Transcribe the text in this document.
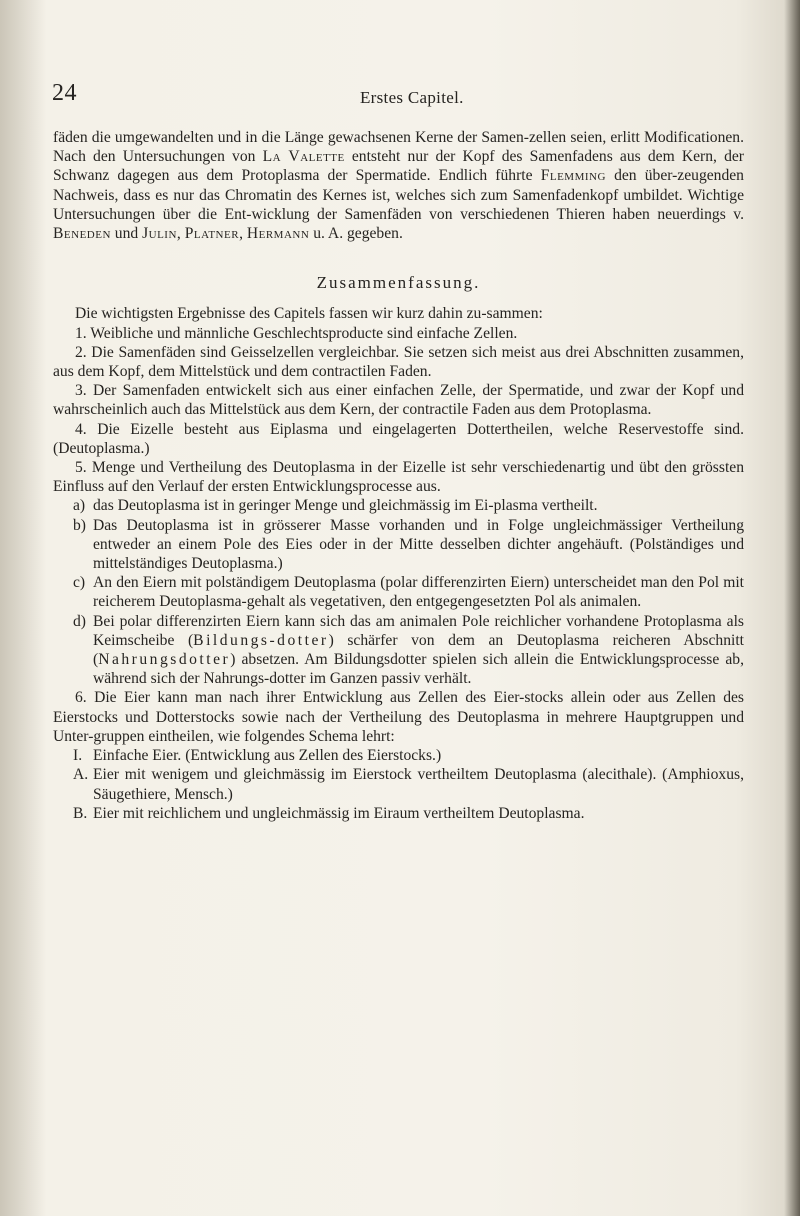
24	Erstes Capitel.

fäden die umgewandelten und in die Länge gewachsenen Kerne der Samen-zellen seien, erlitt Modificationen. Nach den Untersuchungen von La Valette entsteht nur der Kopf des Samenfadens aus dem Kern, der Schwanz dagegen aus dem Protoplasma der Spermatide. Endlich führte Flemming den über-zeugenden Nachweis, dass es nur das Chromatin des Kernes ist, welches sich zum Samenfadenkopf umbildet. Wichtige Untersuchungen über die Ent-wicklung der Samenfäden von verschiedenen Thieren haben neuerdings v. Beneden und Julin, Platner, Hermann u. A. gegeben.

Zusammenfassung.

Die wichtigsten Ergebnisse des Capitels fassen wir kurz dahin zu-sammen:

1. Weibliche und männliche Geschlechtsproducte sind einfache Zellen.

2. Die Samenfäden sind Geisselzellen vergleichbar. Sie setzen sich meist aus drei Abschnitten zusammen, aus dem Kopf, dem Mittelstück und dem contractilen Faden.

3. Der Samenfaden entwickelt sich aus einer einfachen Zelle, der Spermatide, und zwar der Kopf und wahrscheinlich auch das Mittelstück aus dem Kern, der contractile Faden aus dem Protoplasma.

4. Die Eizelle besteht aus Eiplasma und eingelagerten Dottertheilen, welche Reservestoffe sind. (Deutoplasma.)

5. Menge und Vertheilung des Deutoplasma in der Eizelle ist sehr verschiedenartig und übt den grössten Einfluss auf den Verlauf der ersten Entwicklungsprocesse aus.

a) das Deutoplasma ist in geringer Menge und gleichmässig im Ei-plasma vertheilt.

b) Das Deutoplasma ist in grösserer Masse vorhanden und in Folge ungleichmässiger Vertheilung entweder an einem Pole des Eies oder in der Mitte desselben dichter angehäuft. (Polständiges und mittelständiges Deutoplasma.)

c) An den Eiern mit polständigem Deutoplasma (polar differenzirten Eiern) unterscheidet man den Pol mit reicherem Deutoplasma-gehalt als vegetativen, den entgegengesetzten Pol als animalen.

d) Bei polar differenzirten Eiern kann sich das am animalen Pole reichlicher vorhandene Protoplasma als Keimscheibe (Bildungs-dotter) schärfer von dem an Deutoplasma reicheren Abschnitt (Nahrungsdotter) absetzen. Am Bildungsdotter spielen sich allein die Entwicklungsprocesse ab, während sich der Nahrungs-dotter im Ganzen passiv verhält.

6. Die Eier kann man nach ihrer Entwicklung aus Zellen des Eier-stocks allein oder aus Zellen des Eierstocks und Dotterstocks sowie nach der Vertheilung des Deutoplasma in mehrere Hauptgruppen und Unter-gruppen eintheilen, wie folgendes Schema lehrt:

I. Einfache Eier. (Entwicklung aus Zellen des Eierstocks.)

A. Eier mit wenigem und gleichmässig im Eierstock vertheiltem Deutoplasma (alecithale). (Amphioxus, Säugethiere, Mensch.)

B. Eier mit reichlichem und ungleichmässig im Eiraum vertheiltem Deutoplasma.
